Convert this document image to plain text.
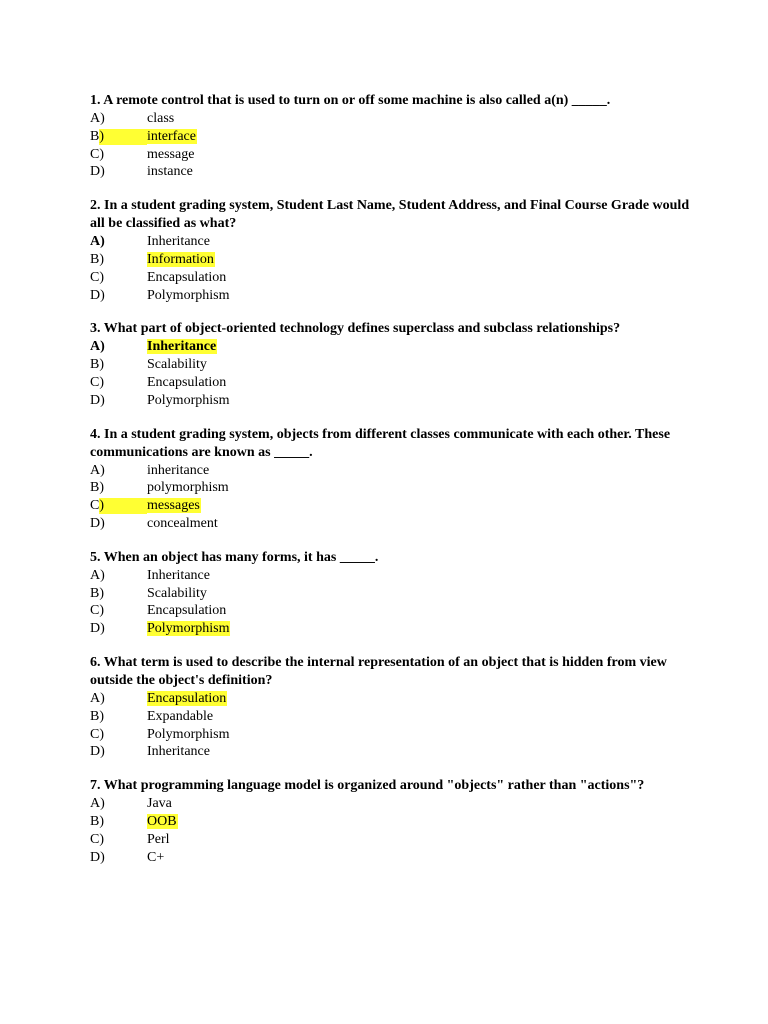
1. A remote control that is used to turn on or off some machine is also called a(n) _____.
A)	class
B)	interface
C)	message
D)	instance
2. In a student grading system, Student Last Name, Student Address, and Final Course Grade would all be classified as what?
A)	Inheritance
B)	Information
C)	Encapsulation
D)	Polymorphism
3. What part of object-oriented technology defines superclass and subclass relationships?
A)	Inheritance
B)	Scalability
C)	Encapsulation
D)	Polymorphism
4. In a student grading system, objects from different classes communicate with each other. These communications are known as _____.
A)	inheritance
B)	polymorphism
C)	messages
D)	concealment
5. When an object has many forms, it has _____.
A)	Inheritance
B)	Scalability
C)	Encapsulation
D)	Polymorphism
6. What term is used to describe the internal representation of an object that is hidden from view outside the object's definition?
A)	Encapsulation
B)	Expandable
C)	Polymorphism
D)	Inheritance
7. What programming language model is organized around "objects" rather than "actions"?
A)	Java
B)	OOB
C)	Perl
D)	C+
